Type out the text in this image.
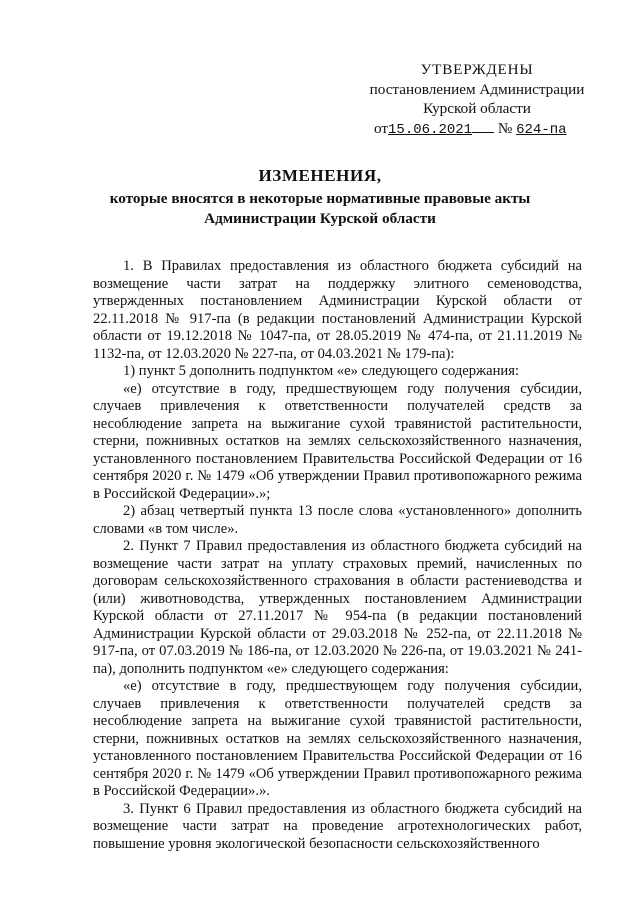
УТВЕРЖДЕНЫ
постановлением Администрации
Курской области
от15.06.2021 № 624-па
ИЗМЕНЕНИЯ,
которые вносятся в некоторые нормативные правовые акты
Администрации Курской области

1. В Правилах предоставления из областного бюджета субсидий на возмещение части затрат на поддержку элитного семеноводства, утвержденных постановлением Администрации Курской области от 22.11.2018 № 917-па (в редакции постановлений Администрации Курской области от 19.12.2018 № 1047-па, от 28.05.2019 № 474-па, от 21.11.2019 № 1132-па, от 12.03.2020 № 227-па, от 04.03.2021 № 179-па):

1) пункт 5 дополнить подпунктом «е» следующего содержания:

«е) отсутствие в году, предшествующем году получения субсидии, случаев привлечения к ответственности получателей средств за несоблюдение запрета на выжигание сухой травянистой растительности, стерни, пожнивных остатков на землях сельскохозяйственного назначения, установленного постановлением Правительства Российской Федерации от 16 сентября 2020 г. № 1479 «Об утверждении Правил противопожарного режима в Российской Федерации».»;

2) абзац четвертый пункта 13 после слова «установленного» дополнить словами «в том числе».

2. Пункт 7 Правил предоставления из областного бюджета субсидий на возмещение части затрат на уплату страховых премий, начисленных по договорам сельскохозяйственного страхования в области растениеводства и (или) животноводства, утвержденных постановлением Администрации Курской области от 27.11.2017 № 954-па (в редакции постановлений Администрации Курской области от 29.03.2018 № 252-па, от 22.11.2018 № 917-па, от 07.03.2019 № 186-па, от 12.03.2020 № 226-па, от 19.03.2021 № 241-па), дополнить подпунктом «е» следующего содержания:

«е) отсутствие в году, предшествующем году получения субсидии, случаев привлечения к ответственности получателей средств за несоблюдение запрета на выжигание сухой травянистой растительности, стерни, пожнивных остатков на землях сельскохозяйственного назначения, установленного постановлением Правительства Российской Федерации от 16 сентября 2020 г. № 1479 «Об утверждении Правил противопожарного режима в Российской Федерации».».

3. Пункт 6 Правил предоставления из областного бюджета субсидий на возмещение части затрат на проведение агротехнологических работ, повышение уровня экологической безопасности сельскохозяйственного
